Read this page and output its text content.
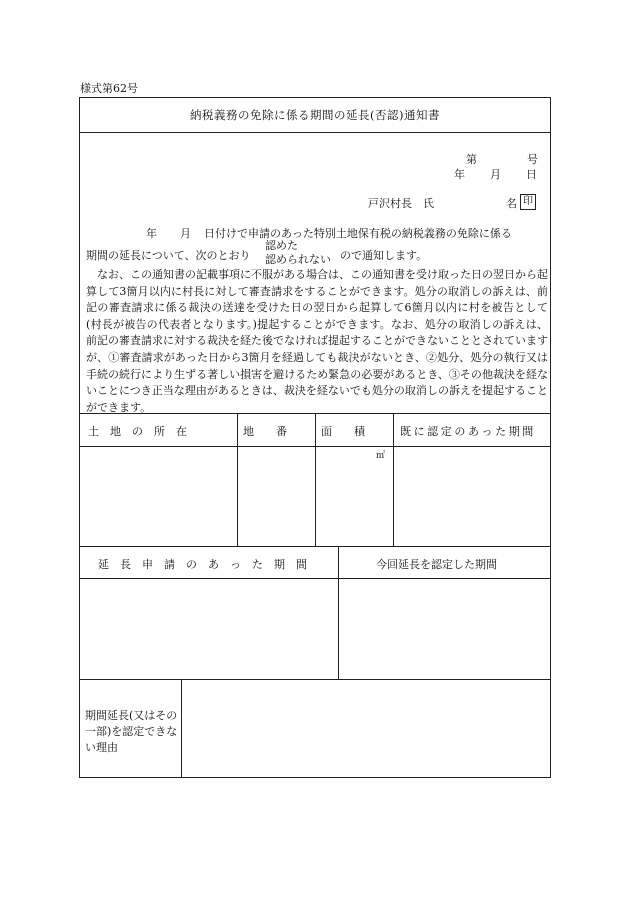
様式第62号
納税義務の免除に係る期間の延長(否認)通知書
第	号
年 月 日
戸沢村長　氏	名 印
年 月 日付けで申請のあった特別土地保有税の納税義務の免除に係る
期間の延長について、次のとおり
認めた
認められない ので通知します。
なお、この通知書の記載事項に不服がある場合は、この通知書を受け取った日の翌日から起算して3箇月以内に村長に対して審査請求をすることができます。処分の取消しの訴えは、前記の審査請求に係る裁決の送達を受けた日の翌日から起算して6箇月以内に村を被告として(村長が被告の代表者となります。)提起することができます。なお、処分の取消しの訴えは、前記の審査請求に対する裁決を経た後でなければ提起することができないこととされていますが、①審査請求があった日から3箇月を経過しても裁決がないとき、②処分、処分の執行又は手続の続行により生ずる著しい損害を避けるため緊急の必要があるとき、③その他裁決を経ないことにつき正当な理由があるときは、裁決を経ないでも処分の取消しの訴えを提起することができます。
土　地　の　所　在	地　　番	面　　積	既に認定のあった期間
㎡
延　長　申　請　の　あ　っ　た　期　間	今回延長を認定した期間
期間延長(又はその一部)を認定できない理由
